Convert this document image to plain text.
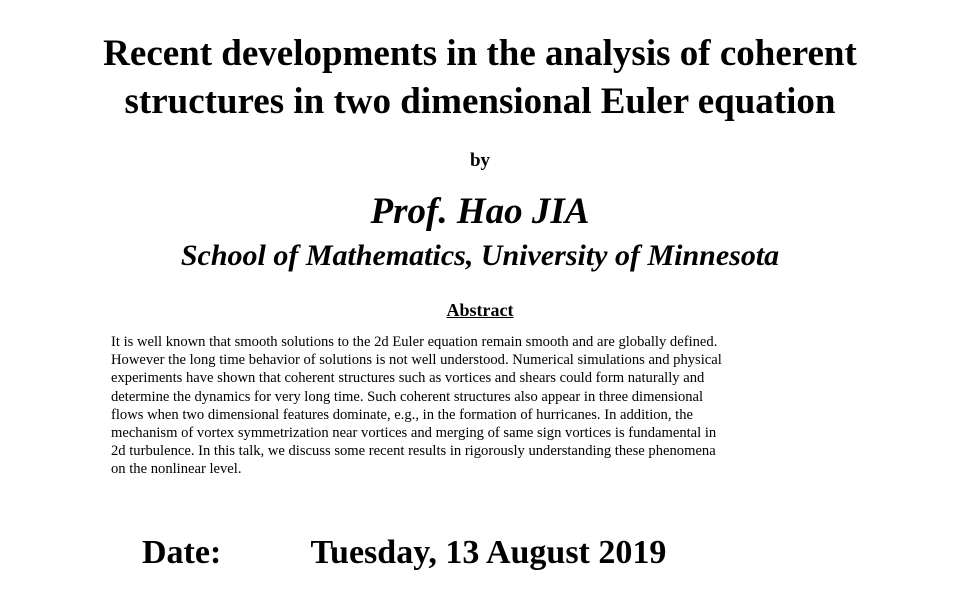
Recent developments in the analysis of coherent
structures in two dimensional Euler equation
by
Prof. Hao JIA
School of Mathematics, University of Minnesota
Abstract

It is well known that smooth solutions to the 2d Euler equation remain smooth and are globally defined.
However the long time behavior of solutions is not well understood. Numerical simulations and physical
experiments have shown that coherent structures such as vortices and shears could form naturally and
determine the dynamics for very long time. Such coherent structures also appear in three dimensional
flows when two dimensional features dominate, e.g., in the formation of hurricanes. In addition, the
mechanism of vortex symmetrization near vortices and merging of same sign vortices is fundamental in
2d turbulence. In this talk, we discuss some recent results in rigorously understanding these phenomena
on the nonlinear level.

Date:	Tuesday, 13 August 2019
